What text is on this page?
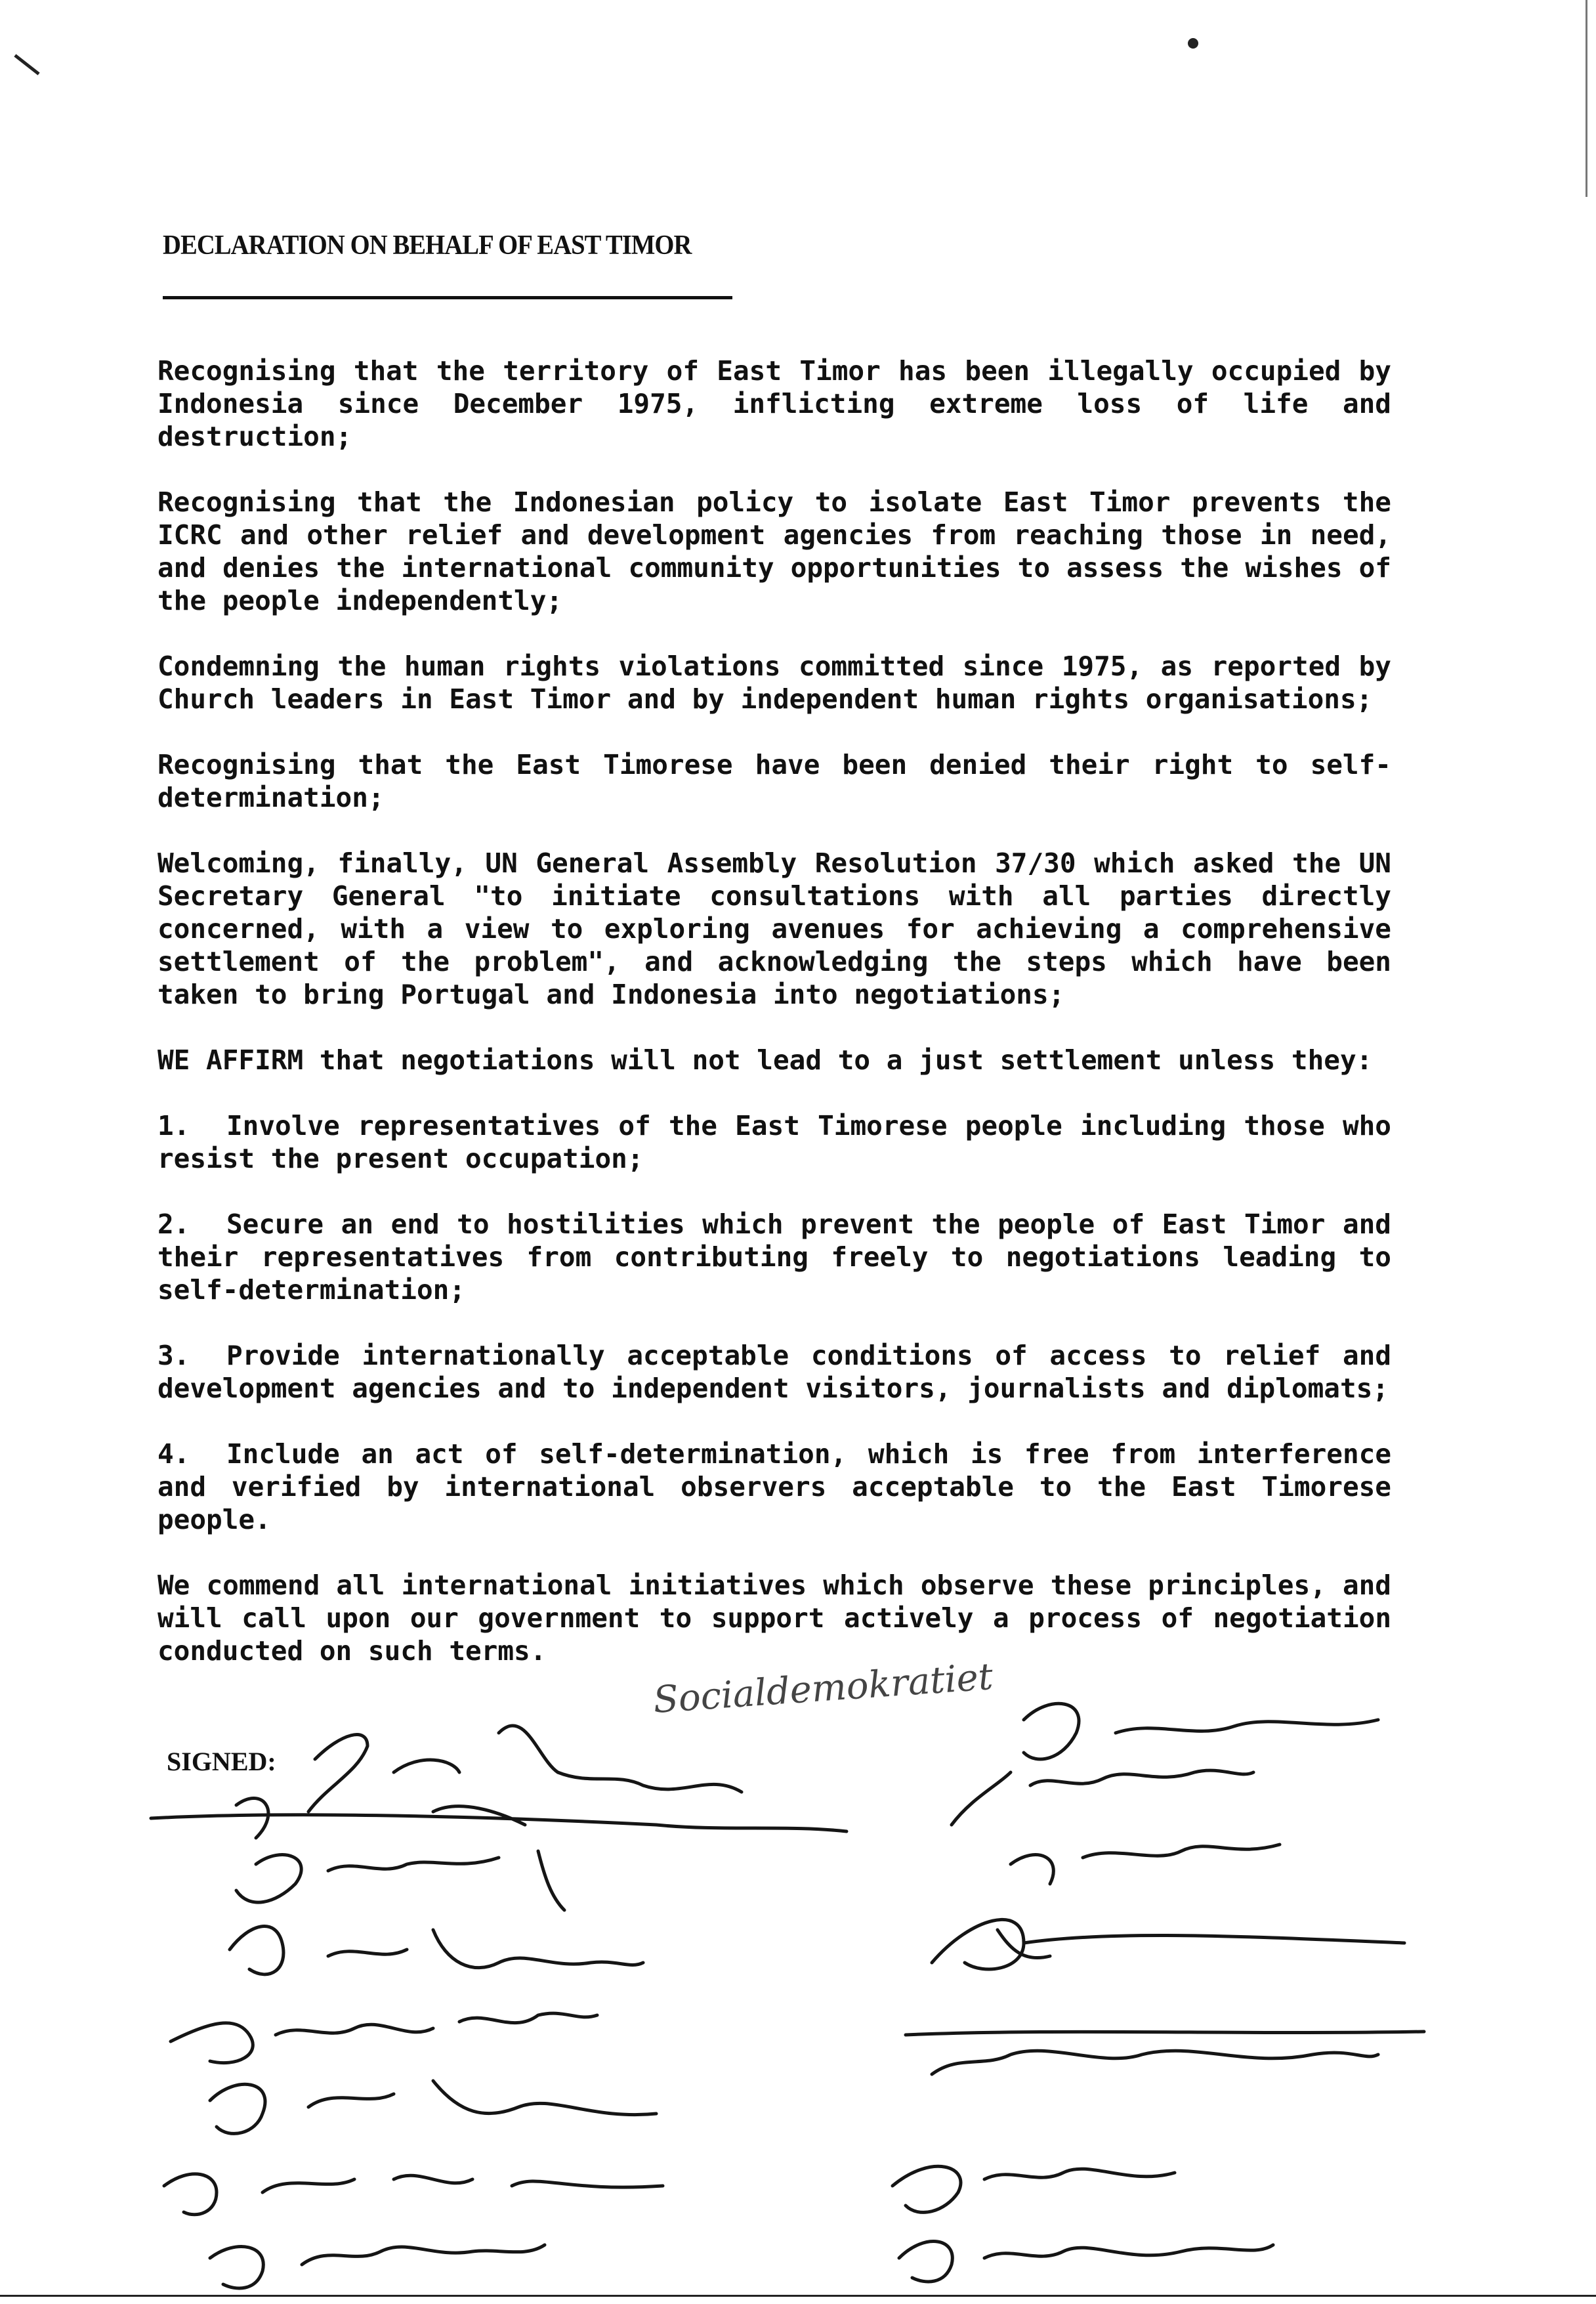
DECLARATION ON BEHALF OF EAST TIMOR

Recognising that the territory of East Timor has been illegally occupied by Indonesia since December 1975, inflicting extreme loss of life and destruction;

Recognising that the Indonesian policy to isolate East Timor prevents the ICRC and other relief and development agencies from reaching those in need, and denies the international community opportunities to assess the wishes of the people independently;

Condemning the human rights violations committed since 1975, as reported by Church leaders in East Timor and by independent human rights organisations;

Recognising that the East Timorese have been denied their right to self-determination;

Welcoming, finally, UN General Assembly Resolution 37/30 which asked the UN Secretary General "to initiate consultations with all parties directly concerned, with a view to exploring avenues for achieving a comprehensive settlement of the problem", and acknowledging the steps which have been taken to bring Portugal and Indonesia into negotiations;

WE AFFIRM that negotiations will not lead to a just settlement unless they:

1. Involve representatives of the East Timorese people including those who resist the present occupation;

2. Secure an end to hostilities which prevent the people of East Timor and their representatives from contributing freely to negotiations leading to self-determination;

3. Provide internationally acceptable conditions of access to relief and development agencies and to independent visitors, journalists and diplomats;

4. Include an act of self-determination, which is free from interference and verified by international observers acceptable to the East Timorese people.

We commend all international initiatives which observe these principles, and will call upon our government to support actively a process of negotiation conducted on such terms.

Socialdemokratiet
SIGNED:
